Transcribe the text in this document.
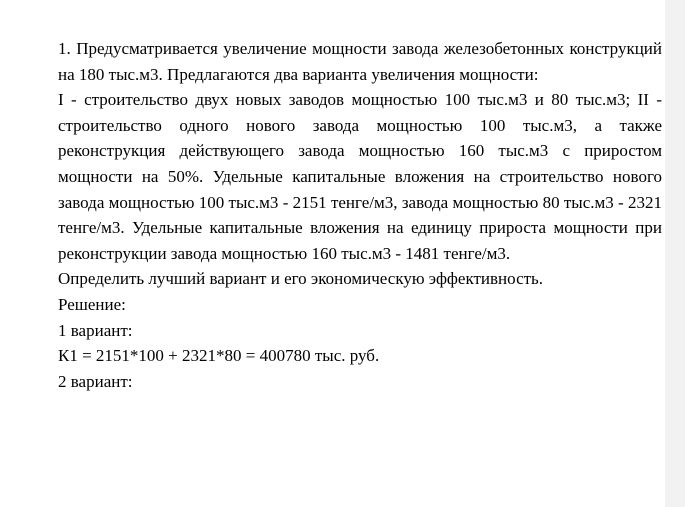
1. Предусматривается увеличение мощности завода железобетонных конструкций на 180 тыс.м3. Предлагаются два варианта увеличения мощности:

I - строительство двух новых заводов мощностью 100 тыс.м3 и 80 тыс.м3; II - строительство одного нового завода мощностью 100 тыс.м3, а также реконструкция действующего завода мощностью 160 тыс.м3 с приростом мощности на 50%. Удельные капитальные вложения на строительство нового завода мощностью 100 тыс.м3 - 2151 тенге/м3, завода мощностью 80 тыс.м3 - 2321 тенге/м3. Удельные капитальные вложения на единицу прироста мощности при реконструкции завода мощностью 160 тыс.м3 - 1481 тенге/м3.

Определить лучший вариант и его экономическую эффективность.

Решение:

1 вариант:

К1 = 2151*100 + 2321*80 = 400780 тыс. руб.

2 вариант:
